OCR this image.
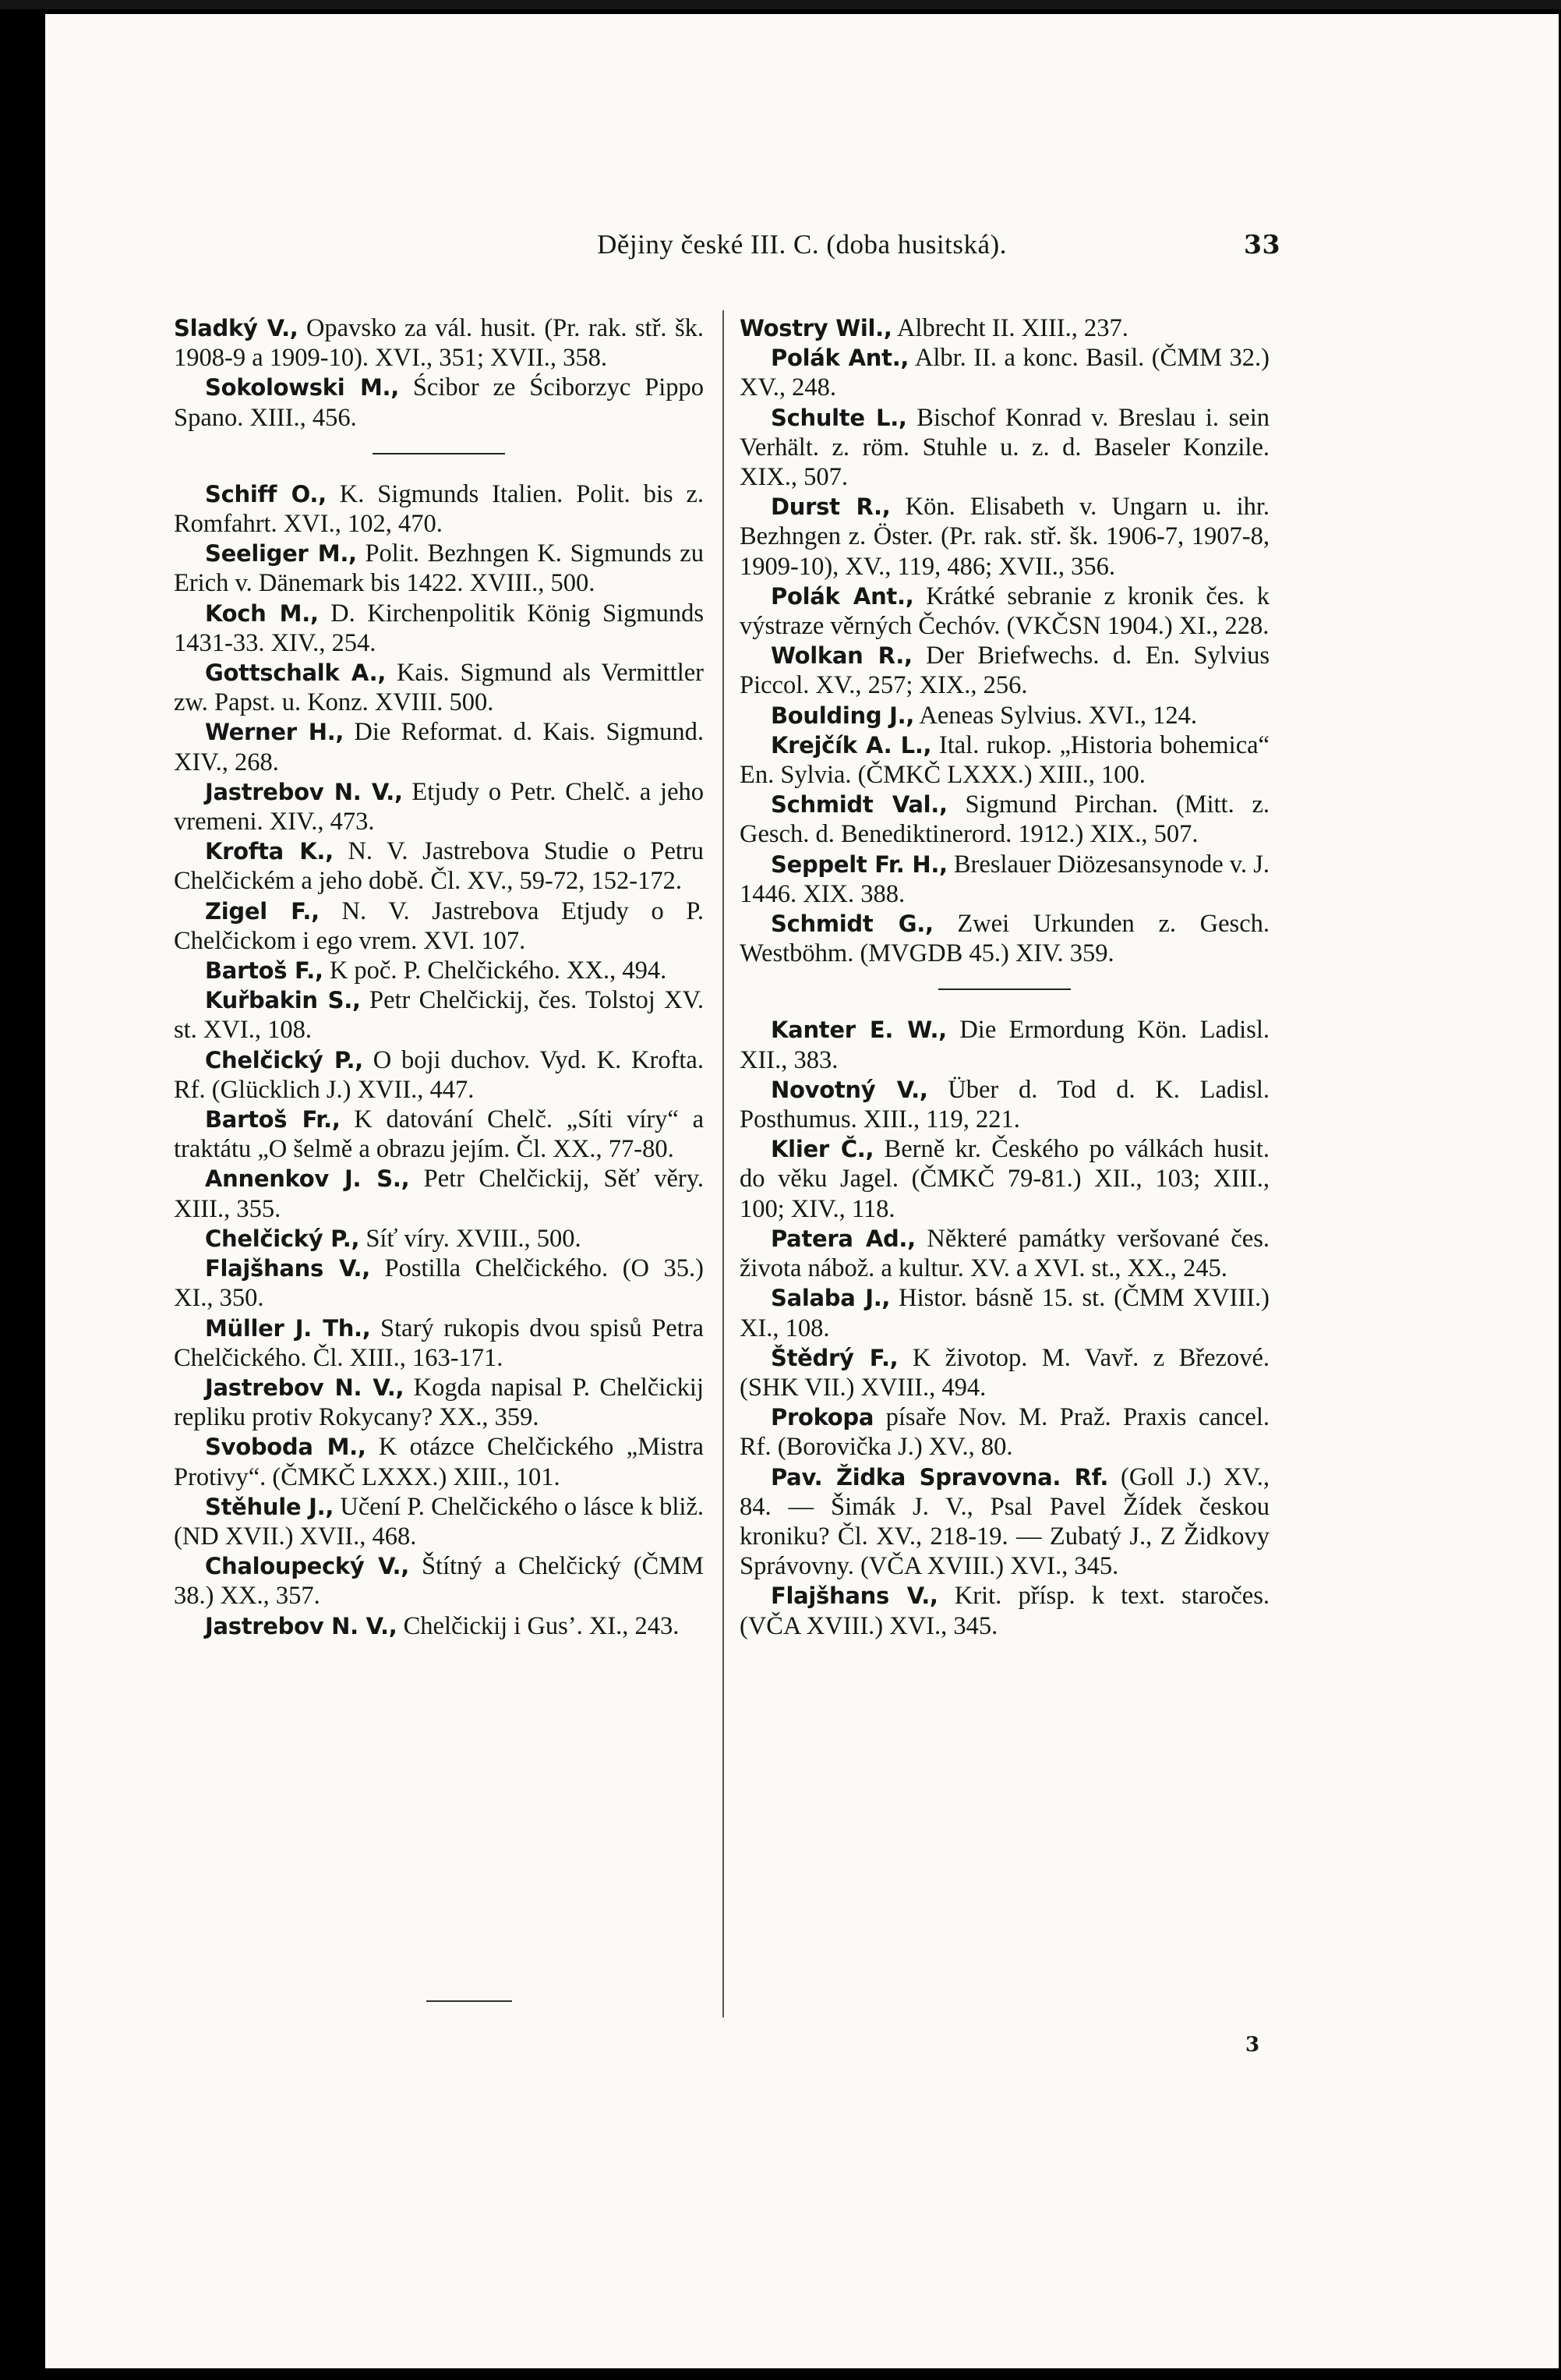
Dějiny české III. C. (doba husitská).	33

Sladký V., Opavsko za vál. husit. (Pr. rak. stř. šk. 1908-9 a 1909-10). XVI., 351; XVII., 358.

Sokolowski M., Ścibor ze Ściborzyc Pippo Spano. XIII., 456.

Schiff O., K. Sigmunds Italien. Polit. bis z. Romfahrt. XVI., 102, 470.

Seeliger M., Polit. Bezhngen K. Sigmunds zu Erich v. Dänemark bis 1422. XVIII., 500.

Koch M., D. Kirchenpolitik König Sigmunds 1431-33. XIV., 254.

Gottschalk A., Kais. Sigmund als Vermittler zw. Papst. u. Konz. XVIII. 500.

Werner H., Die Reformat. d. Kais. Sigmund. XIV., 268.

Jastrebov N. V., Etjudy o Petr. Chelč. a jeho vremeni. XIV., 473.

Krofta K., N. V. Jastrebova Studie o Petru Chelčickém a jeho době. Čl. XV., 59-72, 152-172.

Zigel F., N. V. Jastrebova Etjudy o P. Chelčickom i ego vrem. XVI. 107.

Bartoš F., K poč. P. Chelčického. XX., 494.

Kuřbakin S., Petr Chelčickij, čes. Tolstoj XV. st. XVI., 108.

Chelčický P., O boji duchov. Vyd. K. Krofta. Rf. (Glücklich J.) XVII., 447.

Bartoš Fr., K datování Chelč. „Síti víry“ a traktátu „O šelmě a obrazu jejím. Čl. XX., 77-80.

Annenkov J. S., Petr Chelčickij, Sěť věry. XIII., 355.

Chelčický P., Síť víry. XVIII., 500.

Flajšhans V., Postilla Chelčického. (O 35.) XI., 350.

Müller J. Th., Starý rukopis dvou spisů Petra Chelčického. Čl. XIII., 163-171.

Jastrebov N. V., Kogda napisal P. Chelčickij repliku protiv Rokycany? XX., 359.

Svoboda M., K otázce Chelčického „Mistra Protivy“. (ČMKČ LXXX.) XIII., 101.

Stěhule J., Učení P. Chelčického o lásce k bliž. (ND XVII.) XVII., 468.

Chaloupecký V., Štítný a Chelčický (ČMM 38.) XX., 357.

Jastrebov N. V., Chelčickij i Gus’. XI., 243.

Wostry Wil., Albrecht II. XIII., 237.

Polák Ant., Albr. II. a konc. Basil. (ČMM 32.) XV., 248.

Schulte L., Bischof Konrad v. Breslau i. sein Verhält. z. röm. Stuhle u. z. d. Baseler Konzile. XIX., 507.

Durst R., Kön. Elisabeth v. Ungarn u. ihr. Bezhngen z. Öster. (Pr. rak. stř. šk. 1906-7, 1907-8, 1909-10), XV., 119, 486; XVII., 356.

Polák Ant., Krátké sebranie z kronik čes. k výstraze věrných Čechóv. (VKČSN 1904.) XI., 228.

Wolkan R., Der Briefwechs. d. En. Sylvius Piccol. XV., 257; XIX., 256.

Boulding J., Aeneas Sylvius. XVI., 124.

Krejčík A. L., Ital. rukop. „Historia bohemica“ En. Sylvia. (ČMKČ LXXX.) XIII., 100.

Schmidt Val., Sigmund Pirchan. (Mitt. z. Gesch. d. Benediktinerord. 1912.) XIX., 507.

Seppelt Fr. H., Breslauer Diözesansynode v. J. 1446. XIX. 388.

Schmidt G., Zwei Urkunden z. Gesch. Westböhm. (MVGDB 45.) XIV. 359.

Kanter E. W., Die Ermordung Kön. Ladisl. XII., 383.

Novotný V., Über d. Tod d. K. Ladisl. Posthumus. XIII., 119, 221.

Klier Č., Berně kr. Českého po válkách husit. do věku Jagel. (ČMKČ 79-81.) XII., 103; XIII., 100; XIV., 118.

Patera Ad., Některé památky veršované čes. života nábož. a kultur. XV. a XVI. st., XX., 245.

Salaba J., Histor. básně 15. st. (ČMM XVIII.) XI., 108.

Štědrý F., K životop. M. Vavř. z Březové. (SHK VII.) XVIII., 494.

Prokopa písaře Nov. M. Praž. Praxis cancel. Rf. (Borovička J.) XV., 80.

Pav. Židka Spravovna. Rf. (Goll J.) XV., 84. — Šimák J. V., Psal Pavel Žídek českou kroniku? Čl. XV., 218-19. — Zubatý J., Z Židkovy Správovny. (VČA XVIII.) XVI., 345.

Flajšhans V., Krit. přísp. k text. staročes. (VČA XVIII.) XVI., 345.

3
